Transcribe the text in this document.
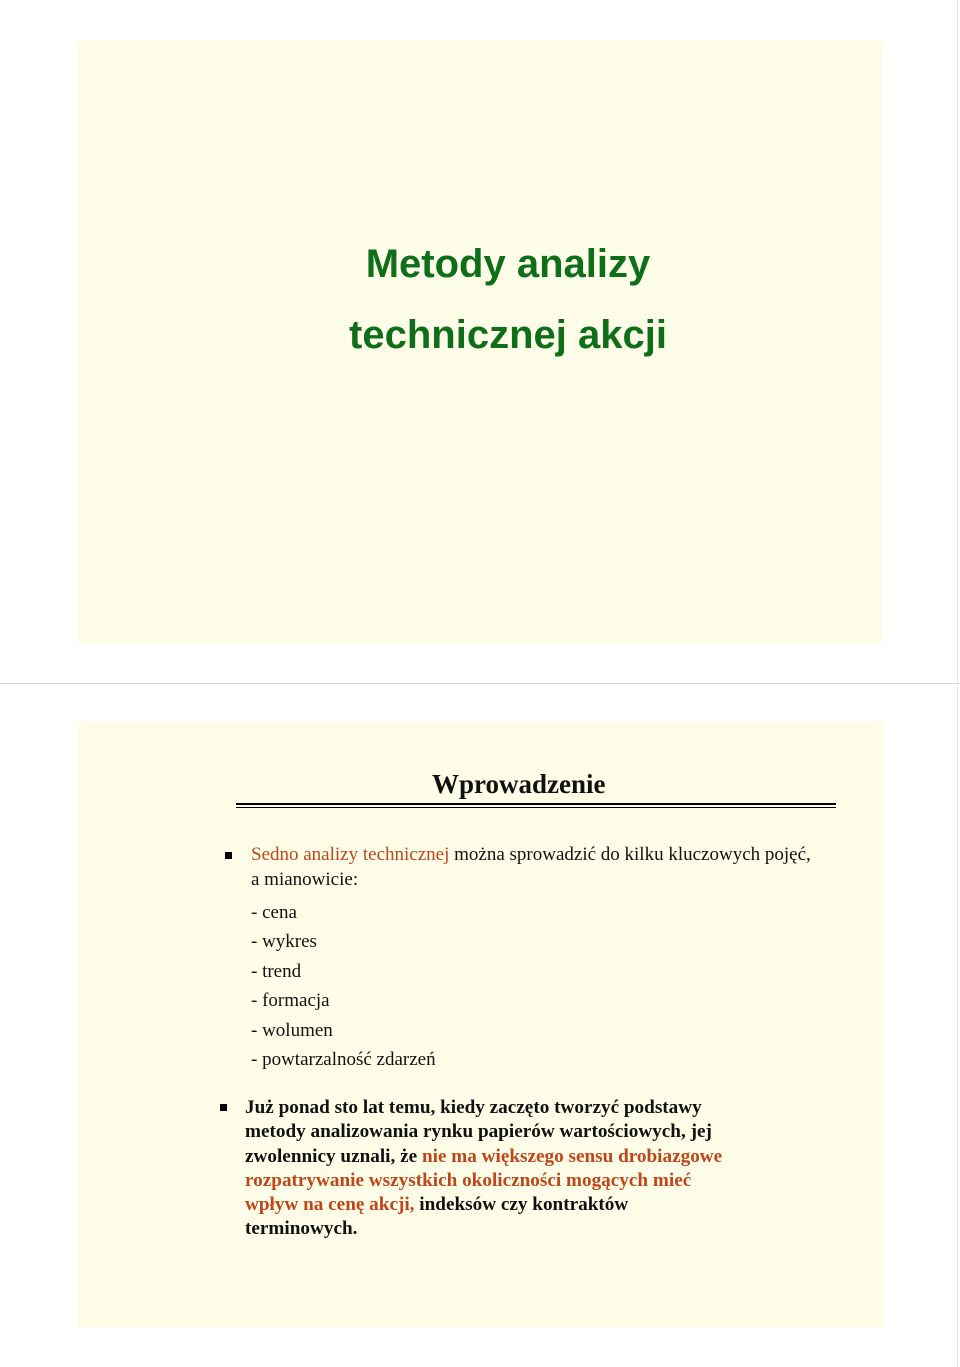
Metody analizy
technicznej akcji
Wprowadzenie

Sedno analizy technicznej można sprowadzić do kilku kluczowych pojęć, a mianowicie:

- cena
- wykres
- trend
- formacja
- wolumen
- powtarzalność zdarzeń

Już ponad sto lat temu, kiedy zaczęto tworzyć podstawy
metody analizowania rynku papierów wartościowych, jej
zwolennicy uznali, że nie ma większego sensu drobiazgowe
rozpatrywanie wszystkich okoliczności mogących mieć
wpływ na cenę akcji, indeksów czy kontraktów
terminowych.
